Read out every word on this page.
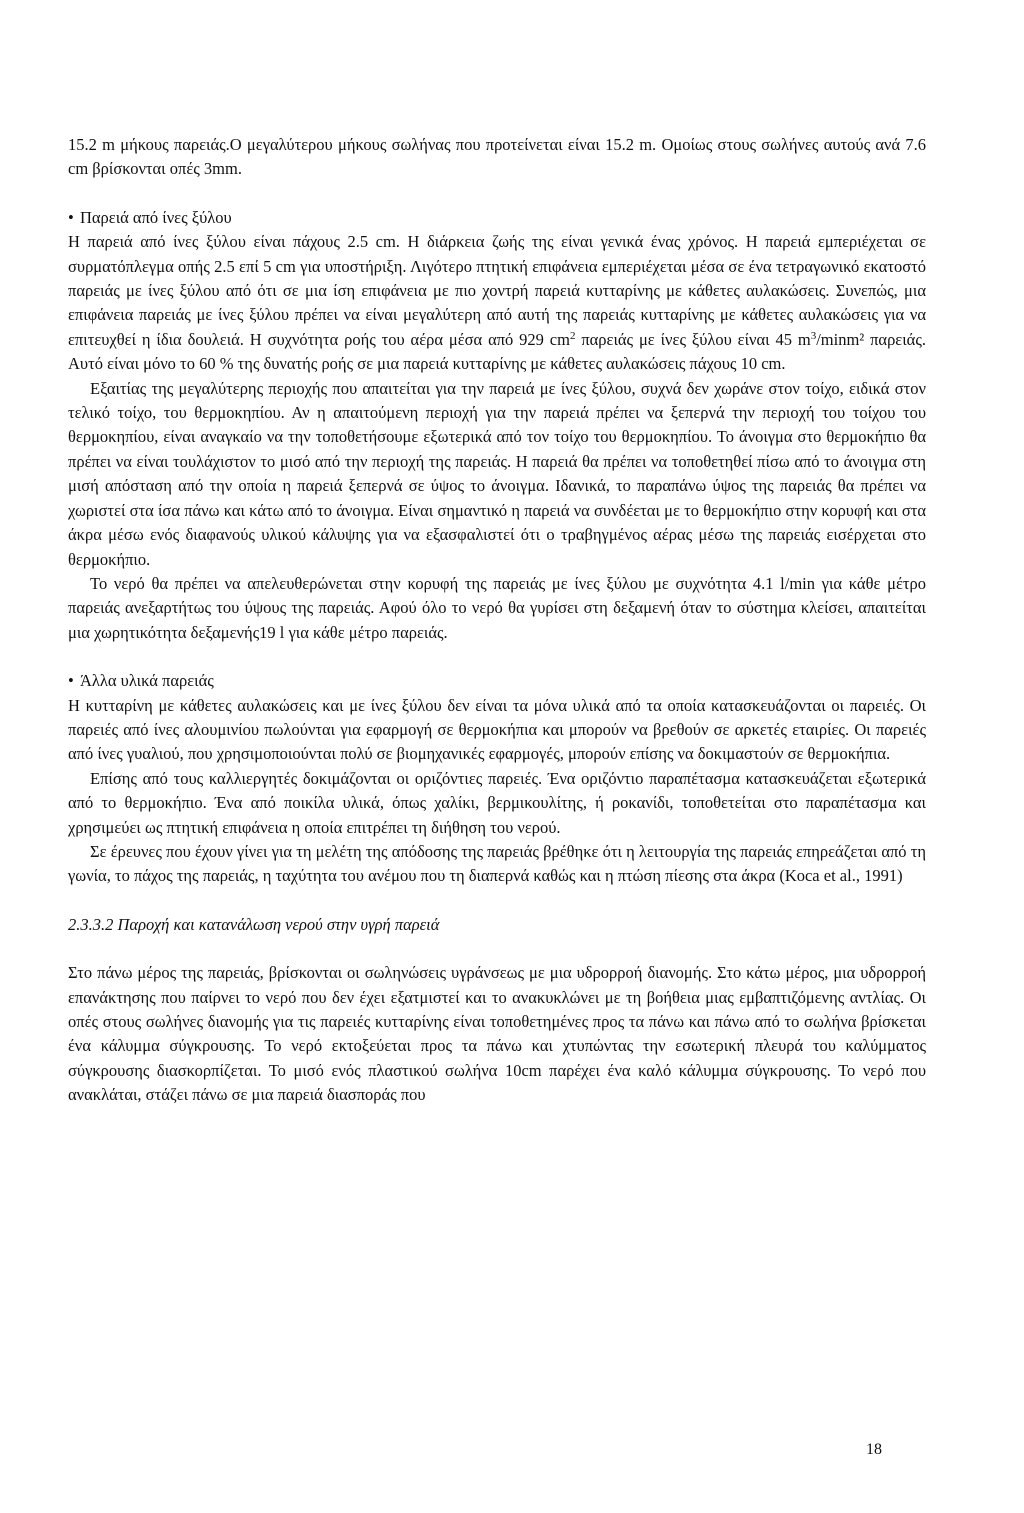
15.2 m μήκους παρειάς.Ο μεγαλύτερου μήκους σωλήνας που προτείνεται είναι 15.2 m. Ομοίως στους σωλήνες αυτούς ανά 7.6 cm βρίσκονται οπές 3mm.

• Παρειά από ίνες ξύλου

Η παρειά από ίνες ξύλου είναι πάχους 2.5 cm. Η διάρκεια ζωής της είναι γενικά ένας χρόνος. Η παρειά εμπεριέχεται σε συρματόπλεγμα οπής 2.5 επί 5 cm για υποστήριξη. Λιγότερο πτητική επιφάνεια εμπεριέχεται μέσα σε ένα τετραγωνικό εκατοστό παρειάς με ίνες ξύλου από ότι σε μια ίση επιφάνεια με πιο χοντρή παρειά κυτταρίνης με κάθετες αυλακώσεις. Συνεπώς, μια επιφάνεια παρειάς με ίνες ξύλου πρέπει να είναι μεγαλύτερη από αυτή της παρειάς κυτταρίνης με κάθετες αυλακώσεις για να επιτευχθεί η ίδια δουλειά. Η συχνότητα ροής του αέρα μέσα από 929 $cm^2$ παρειάς με ίνες ξύλου είναι 45 $m^3$/minm² παρειάς. Αυτό είναι μόνο το 60 % της δυνατής ροής σε μια παρειά κυτταρίνης με κάθετες αυλακώσεις πάχους 10 cm.

Εξαιτίας της μεγαλύτερης περιοχής που απαιτείται για την παρειά με ίνες ξύλου, συχνά δεν χωράνε στον τοίχο, ειδικά στον τελικό τοίχο, του θερμοκηπίου. Αν η απαιτούμενη περιοχή για την παρειά πρέπει να ξεπερνά την περιοχή του τοίχου του θερμοκηπίου, είναι αναγκαίο να την τοποθετήσουμε εξωτερικά από τον τοίχο του θερμοκηπίου. Το άνοιγμα στο θερμοκήπιο θα πρέπει να είναι τουλάχιστον το μισό από την περιοχή της παρειάς. Η παρειά θα πρέπει να τοποθετηθεί πίσω από το άνοιγμα στη μισή απόσταση από την οποία η παρειά ξεπερνά σε ύψος το άνοιγμα. Ιδανικά, το παραπάνω ύψος της παρειάς θα πρέπει να χωριστεί στα ίσα πάνω και κάτω από το άνοιγμα. Είναι σημαντικό η παρειά να συνδέεται με το θερμοκήπιο στην κορυφή και στα άκρα μέσω ενός διαφανούς υλικού κάλυψης για να εξασφαλιστεί ότι ο τραβηγμένος αέρας μέσω της παρειάς εισέρχεται στο θερμοκήπιο.

Το νερό θα πρέπει να απελευθερώνεται στην κορυφή της παρειάς με ίνες ξύλου με συχνότητα 4.1 l/min για κάθε μέτρο παρειάς ανεξαρτήτως του ύψους της παρειάς. Αφού όλο το νερό θα γυρίσει στη δεξαμενή όταν το σύστημα κλείσει, απαιτείται μια χωρητικότητα δεξαμενής19 l για κάθε μέτρο παρειάς.

• Άλλα υλικά παρειάς

Η κυτταρίνη με κάθετες αυλακώσεις και με ίνες ξύλου δεν είναι τα μόνα υλικά από τα οποία κατασκευάζονται οι παρειές. Οι παρειές από ίνες αλουμινίου πωλούνται για εφαρμογή σε θερμοκήπια και μπορούν να βρεθούν σε αρκετές εταιρίες. Οι παρειές από ίνες γυαλιού, που χρησιμοποιούνται πολύ σε βιομηχανικές εφαρμογές, μπορούν επίσης να δοκιμαστούν σε θερμοκήπια.

Επίσης από τους καλλιεργητές δοκιμάζονται οι οριζόντιες παρειές. Ένα οριζόντιο παραπέτασμα κατασκευάζεται εξωτερικά από το θερμοκήπιο. Ένα από ποικίλα υλικά, όπως χαλίκι, βερμικουλίτης, ή ροκανίδι, τοποθετείται στο παραπέτασμα και χρησιμεύει ως πτητική επιφάνεια η οποία επιτρέπει τη διήθηση του νερού.

Σε έρευνες που έχουν γίνει για τη μελέτη της απόδοσης της παρειάς βρέθηκε ότι η λειτουργία της παρειάς επηρεάζεται από τη γωνία, το πάχος της παρειάς, η ταχύτητα του ανέμου που τη διαπερνά καθώς και η πτώση πίεσης στα άκρα (Koca et al., 1991)

2.3.3.2 Παροχή και κατανάλωση νερού στην υγρή παρειά

Στο πάνω μέρος της παρειάς, βρίσκονται οι σωληνώσεις υγράνσεως με μια υδρορροή διανομής. Στο κάτω μέρος, μια υδρορροή επανάκτησης που παίρνει το νερό που δεν έχει εξατμιστεί και το ανακυκλώνει με τη βοήθεια μιας εμβαπτιζόμενης αντλίας. Οι οπές στους σωλήνες διανομής για τις παρειές κυτταρίνης είναι τοποθετημένες προς τα πάνω και πάνω από το σωλήνα βρίσκεται ένα κάλυμμα σύγκρουσης. Το νερό εκτοξεύεται προς τα πάνω και χτυπώντας την εσωτερική πλευρά του καλύμματος σύγκρουσης διασκορπίζεται. Το μισό ενός πλαστικού σωλήνα 10cm παρέχει ένα καλό κάλυμμα σύγκρουσης. Το νερό που ανακλάται, στάζει πάνω σε μια παρειά διασποράς που

18
